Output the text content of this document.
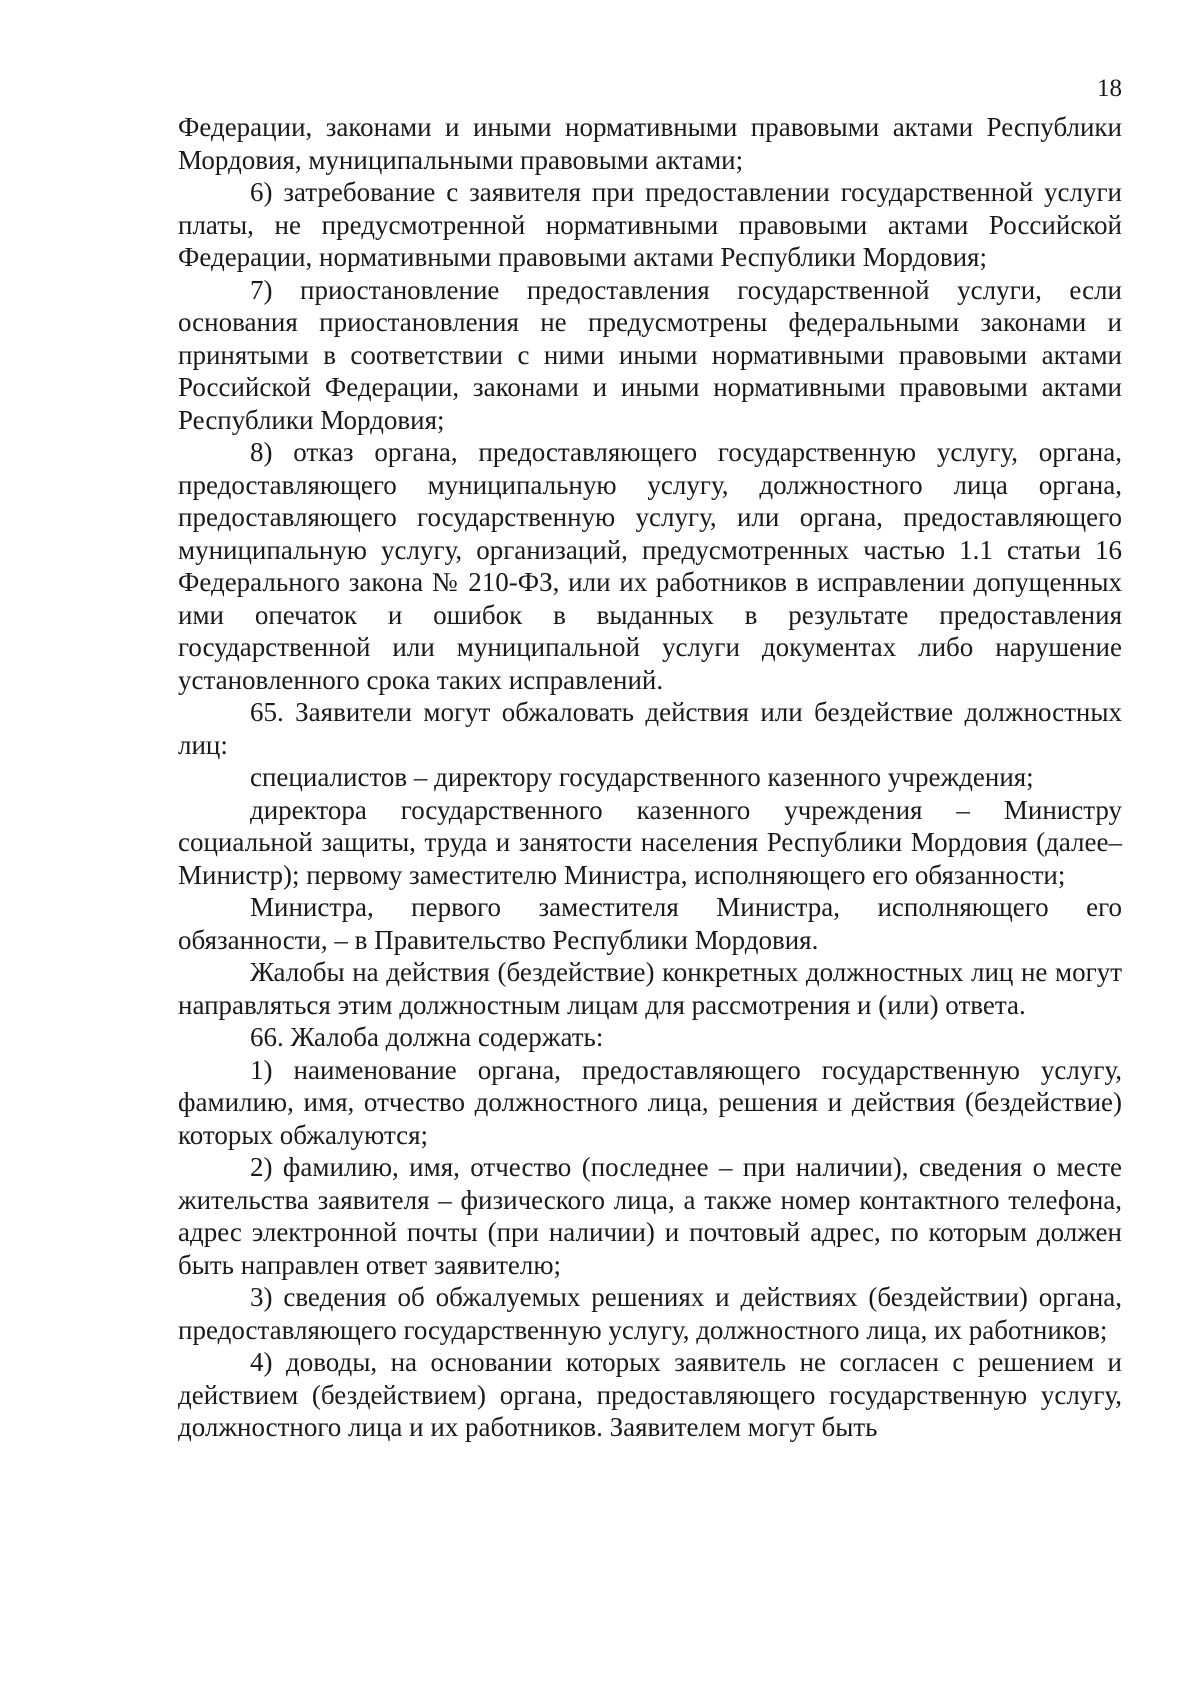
18

Федерации, законами и иными нормативными правовыми актами Республики Мордовия, муниципальными правовыми актами;

6) затребование с заявителя при предоставлении государственной услуги платы, не предусмотренной нормативными правовыми актами Российской Федерации, нормативными правовыми актами Республики Мордовия;

7) приостановление предоставления государственной услуги, если основания приостановления не предусмотрены федеральными законами и принятыми в соответствии с ними иными нормативными правовыми актами Российской Федерации, законами и иными нормативными правовыми актами Республики Мордовия;

8) отказ органа, предоставляющего государственную услугу, органа, предоставляющего муниципальную услугу, должностного лица органа, предоставляющего государственную услугу, или органа, предоставляющего муниципальную услугу, организаций, предусмотренных частью 1.1 статьи 16 Федерального закона № 210-ФЗ, или их работников в исправлении допущенных ими опечаток и ошибок в выданных в результате предоставления государственной или муниципальной услуги документах либо нарушение установленного срока таких исправлений.

65. Заявители могут обжаловать действия или бездействие должностных лиц:

специалистов – директору государственного казенного учреждения;

директора государственного казенного учреждения – Министру социальной защиты, труда и занятости населения Республики Мордовия (далее–Министр); первому заместителю Министра, исполняющего его обязанности;

Министра, первого заместителя Министра, исполняющего его обязанности, – в Правительство Республики Мордовия.

Жалобы на действия (бездействие) конкретных должностных лиц не могут направляться этим должностным лицам для рассмотрения и (или) ответа.

66. Жалоба должна содержать:

1) наименование органа, предоставляющего государственную услугу, фамилию, имя, отчество должностного лица, решения и действия (бездействие) которых обжалуются;

2) фамилию, имя, отчество (последнее – при наличии), сведения о месте жительства заявителя – физического лица, а также номер контактного телефона, адрес электронной почты (при наличии) и почтовый адрес, по которым должен быть направлен ответ заявителю;

3) сведения об обжалуемых решениях и действиях (бездействии) органа, предоставляющего государственную услугу, должностного лица, их работников;

4) доводы, на основании которых заявитель не согласен с решением и действием (бездействием) органа, предоставляющего государственную услугу, должностного лица и их работников. Заявителем могут быть
